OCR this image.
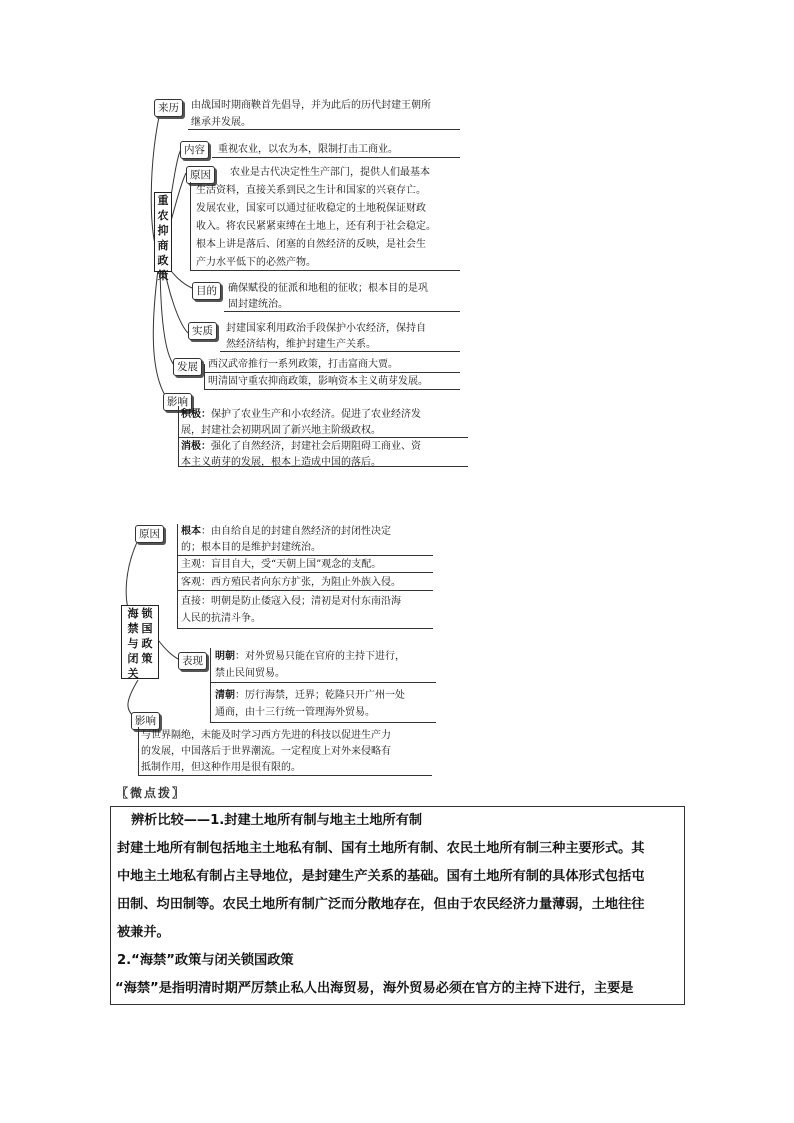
重农抑商政策
来历	由战国时期商鞅首先倡导，并为此后的历代封建王朝所
继承并发展。
内容	重视农业，以农为本，限制打击工商业。
原因	农业是古代决定性生产部门，提供人们最基本
生活资料，直接关系到民之生计和国家的兴衰存亡。
发展农业，国家可以通过征收稳定的土地税保证财政
收入。将农民紧紧束缚在土地上，还有利于社会稳定。
根本上讲是落后、闭塞的自然经济的反映，是社会生
产力水平低下的必然产物。
目的	确保赋役的征派和地租的征收；根本目的是巩
固封建统治。
实质	封建国家利用政治手段保护小农经济，保持自
然经济结构，维护封建生产关系。
发展	西汉武帝推行一系列政策，打击富商大贾。
明清固守重农抑商政策，影响资本主义萌芽发展。
影响
积极：保护了农业生产和小农经济。促进了农业经济发
展，封建社会初期巩固了新兴地主阶级政权。
消极：强化了自然经济，封建社会后期阻碍工商业、资
本主义萌芽的发展，根本上造成中国的落后。
海禁与闭关锁国政策
原因	根本：由自给自足的封建自然经济的封闭性决定
的；根本目的是维护封建统治。
主观：盲目自大，受“天朝上国”观念的支配。
客观：西方殖民者向东方扩张，为阻止外族入侵。
直接：明朝是防止倭寇入侵；清初是对付东南沿海
人民的抗清斗争。
表现	明朝：对外贸易只能在官府的主持下进行，
禁止民间贸易。
清朝：厉行海禁，迁界；乾隆只开广州一处
通商，由十三行统一管理海外贸易。
影响
与世界隔绝，未能及时学习西方先进的科技以促进生产力
的发展，中国落后于世界潮流。一定程度上对外来侵略有
抵制作用，但这种作用是很有限的。
〖微点拨〗

辨析比较——1.封建土地所有制与地主土地所有制

封建土地所有制包括地主土地私有制、国有土地所有制、农民土地所有制三种主要形式。其

中地主土地私有制占主导地位，是封建生产关系的基础。国有土地所有制的具体形式包括屯

田制、均田制等。农民土地所有制广泛而分散地存在，但由于农民经济力量薄弱，土地往往

被兼并。

2.“海禁”政策与闭关锁国政策

“海禁”是指明清时期严厉禁止私人出海贸易，海外贸易必须在官方的主持下进行，主要是
